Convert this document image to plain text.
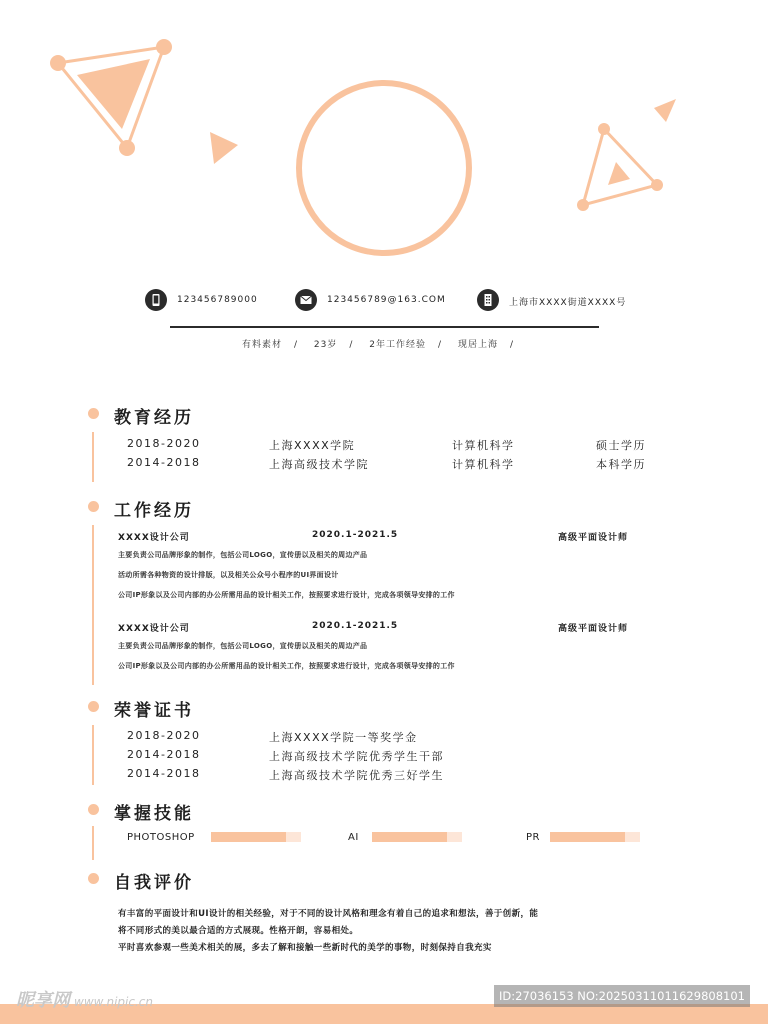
123456789000	123456789@163.COM	上海市XXXX街道XXXX号
有料素材 / 23岁 / 2年工作经验 / 现居上海 /
教育经历
2018-2020	上海XXXX学院	计算机科学	硕士学历
2014-2018	上海高级技术学院	计算机科学	本科学历
工作经历
XXXX设计公司	2020.1-2021.5	高级平面设计师
主要负责公司品牌形象的制作，包括公司LOGO，宣传册以及相关的周边产品
活动所需各种物资的设计排版，以及相关公众号小程序的UI界面设计
公司IP形象以及公司内部的办公所需用品的设计相关工作，按照要求进行设计，完成各项领导安排的工作
XXXX设计公司	2020.1-2021.5	高级平面设计师
主要负责公司品牌形象的制作，包括公司LOGO，宣传册以及相关的周边产品
公司IP形象以及公司内部的办公所需用品的设计相关工作，按照要求进行设计，完成各项领导安排的工作
荣誉证书
2018-2020	上海XXXX学院一等奖学金
2014-2018	上海高级技术学院优秀学生干部
2014-2018	上海高级技术学院优秀三好学生
掌握技能
PHOTOSHOP	AI	PR
自我评价
有丰富的平面设计和UI设计的相关经验，对于不同的设计风格和理念有着自己的追求和想法，善于创新，能
将不同形式的美以最合适的方式展现。性格开朗，容易相处。
平时喜欢参观一些美术相关的展，多去了解和接触一些新时代的美学的事物，时刻保持自我充实
昵享网 www.nipic.cn	ID:27036153 NO:20250311011629808101
